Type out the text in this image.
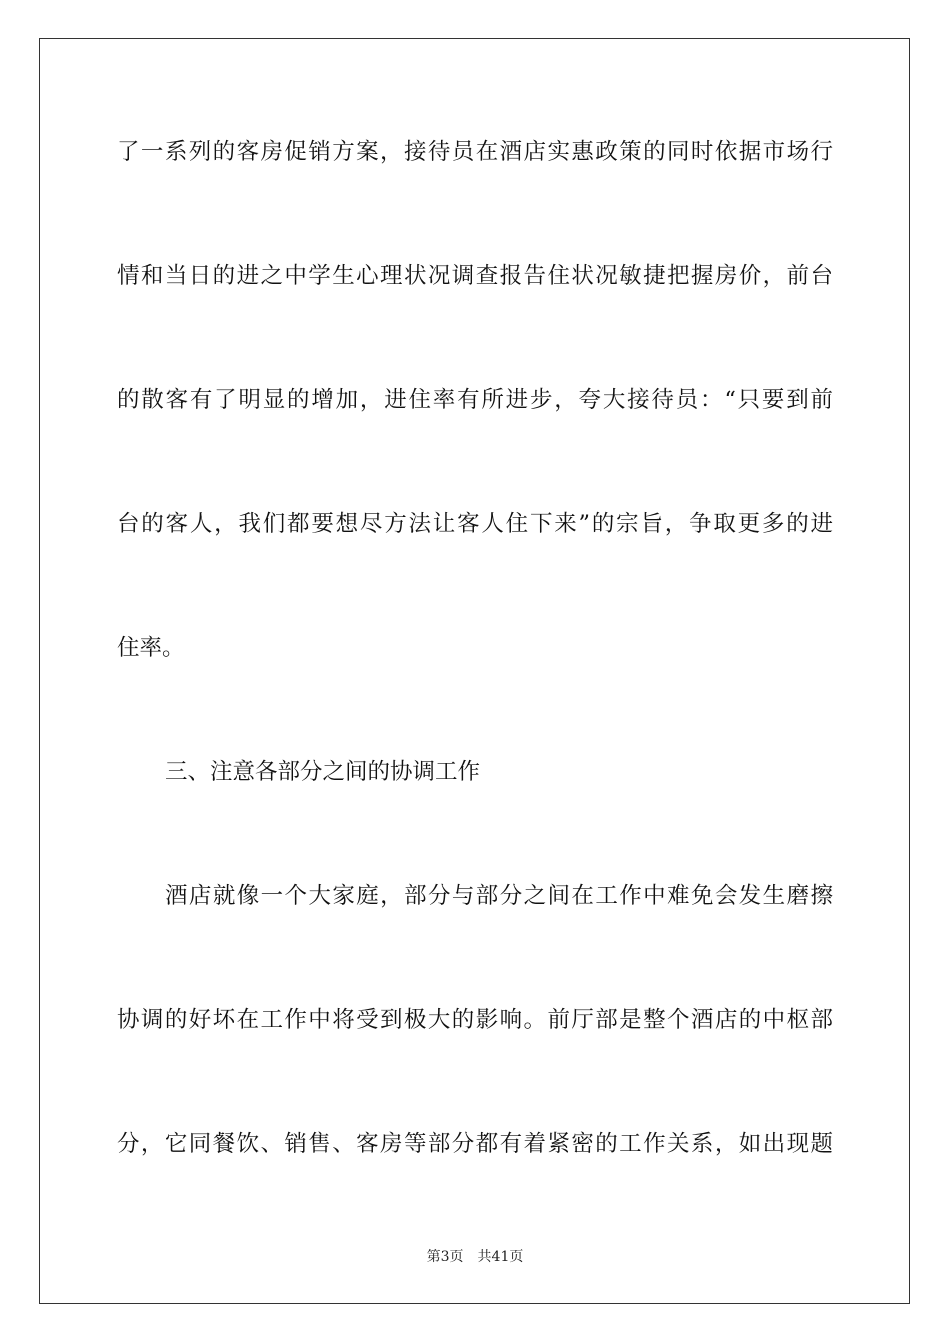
了一系列的客房促销方案，接待员在酒店实惠政策的同时依据市场行

情和当日的进之中学生心理状况调查报告住状况敏捷把握房价，前台

的散客有了明显的增加，进住率有所进步，夸大接待员：“只要到前

台的客人，我们都要想尽方法让客人住下来”的宗旨，争取更多的进

住率。

三、注意各部分之间的协调工作

酒店就像一个大家庭，部分与部分之间在工作中难免会发生磨擦

协调的好坏在工作中将受到极大的影响。前厅部是整个酒店的中枢部

分，它同餐饮、销售、客房等部分都有着紧密的工作关系，如出现题

第3页 共41页
